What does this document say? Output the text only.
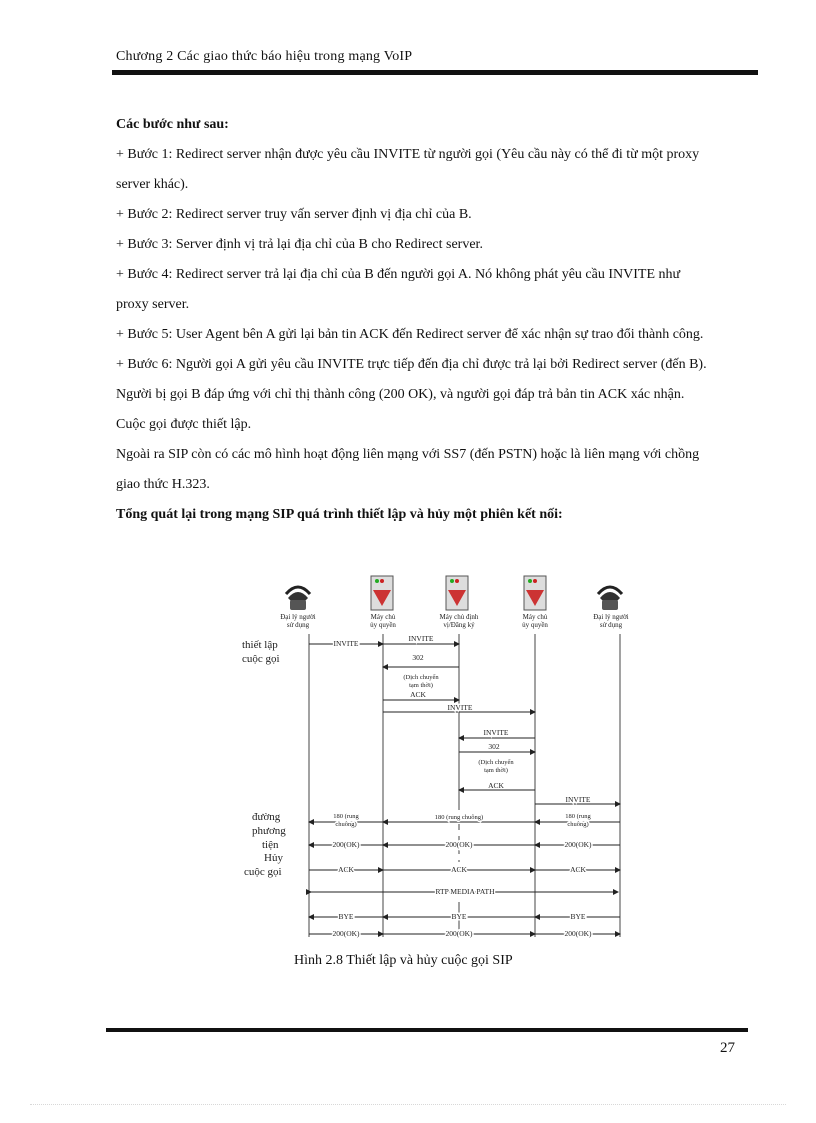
Chương 2 Các giao thức báo hiệu trong mạng VoIP

Các bước như sau:

+ Bước 1: Redirect server nhận được yêu cầu INVITE từ người gọi (Yêu cầu này có thể đi từ một proxy server khác).

+ Bước 2: Redirect server truy vấn server định vị địa chỉ của B.

+ Bước 3: Server định vị trả lại địa chỉ của B cho Redirect server.

+ Bước 4: Redirect server trả lại địa chỉ của B đến người gọi A. Nó không phát yêu cầu INVITE như proxy server.

+ Bước 5: User Agent bên A gửi lại bản tin ACK đến Redirect server để xác nhận sự trao đổi thành công.

+ Bước 6: Người gọi A gửi yêu cầu INVITE trực tiếp đến địa chỉ được trả lại bởi Redirect server (đến B). Người bị gọi B đáp ứng với chỉ thị thành công (200 OK), và người gọi đáp trả bản tin ACK xác nhận. Cuộc gọi được thiết lập.

Ngoài ra SIP còn có các mô hình hoạt động liên mạng với SS7 (đến PSTN) hoặc là liên mạng với chồng giao thức H.323.

Tổng quát lại trong mạng SIP quá trình thiết lập và hủy một phiên kết nối:

Đại lý người
sử dụng
Máy chủ
ủy quyền
Máy chủ định
vị/Đăng ký
Máy chủ
ủy quyền
Đại lý người
sử dụng
thiết lập
cuộc gọi
đường
phương
tiện
Hủy
cuộc gọi
INVITE
INVITE
302
(Dịch chuyển
tạm thời)
ACK
INVITE
INVITE
302
(Dịch chuyển
tạm thời)
ACK
INVITE
180 (rung
chuông)
180 (rung chuông)	180 (rung
chuông)
200(OK)	200(OK)	200(OK)
ACK	ACK	ACK
RTP MEDIA PATH
BYE	BYE	BYE
200(OK)	200(OK)	200(OK)
Hình 2.8 Thiết lập và hủy cuộc gọi SIP
27
